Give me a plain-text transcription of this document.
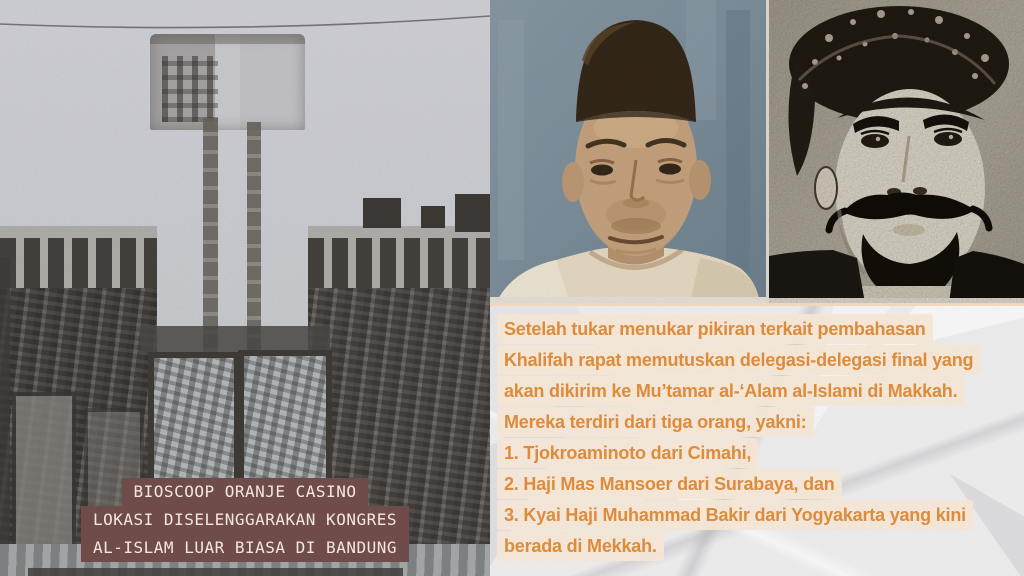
BIOSCOOP ORANJE CASINO
LOKASI DISELENGGARAKAN KONGRES
AL-ISLAM LUAR BIASA DI BANDUNG
Setelah tukar menukar pikiran terkait pembahasan
Khalifah rapat memutuskan delegasi-delegasi final yang
akan dikirim ke Mu’tamar al-‘Alam al-Islami di Makkah.
Mereka terdiri dari tiga orang, yakni:
1. Tjokroaminoto dari Cimahi,
2. Haji Mas Mansoer dari Surabaya, dan
3. Kyai Haji Muhammad Bakir dari Yogyakarta yang kini
berada di Mekkah.
